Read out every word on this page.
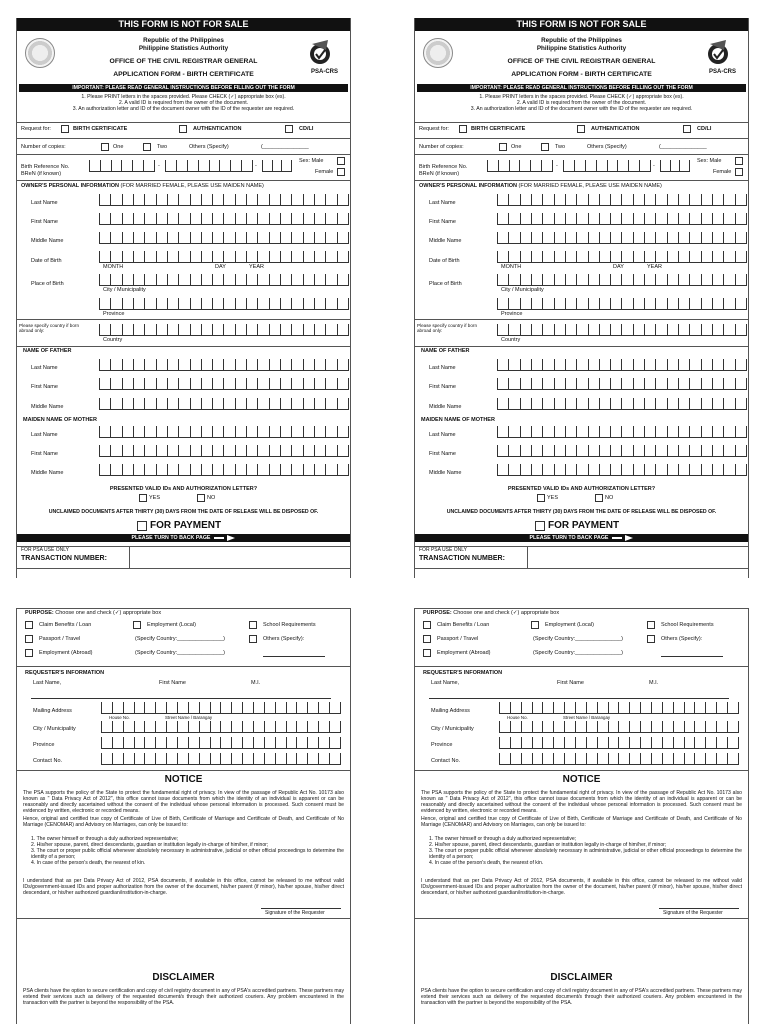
THIS FORM IS NOT FOR SALE
PSA-CRS
Republic of the Philippines
Philippine Statistics Authority
OFFICE OF THE CIVIL REGISTRAR GENERAL
APPLICATION FORM - BIRTH CERTIFICATE
IMPORTANT: PLEASE READ GENERAL INSTRUCTIONS BEFORE FILLING OUT THE FORM
1. Please PRINT letters in the spaces provided. Please CHECK (✓) appropriate box (es).
2. A valid ID is required from the owner of the document.
3. An authorization letter and ID of the document owner with the ID of the requester are required.
Request for:	BIRTH CERTIFICATE	AUTHENTICATION	CD/LI
Number of copies:	One	Two	Others (Specify)	(_______________
Birth Reference No.
BReN (if known)
-	-
Sex: Male
Female
OWNER'S PERSONAL INFORMATION (FOR MARRIED FEMALE, PLEASE USE MAIDEN NAME)
Last Name
First Name
Middle Name
Date of Birth
MONTH	DAY	YEAR
Place of Birth
City / Municipality
Province
Please specify country if born abroad only:
Country
NAME OF FATHER
Last Name
First Name
Middle Name
MAIDEN NAME OF MOTHER
Last Name
First Name
Middle Name
PRESENTED VALID IDs AND AUTHORIZATION LETTER?
YES	NO
UNCLAIMED DOCUMENTS AFTER THIRTY (30) DAYS FROM THE DATE OF RELEASE WILL BE DISPOSED OF.
FOR PAYMENT
PLEASE TURN TO BACK PAGE
FOR PSA USE ONLY
TRANSACTION NUMBER:
THIS FORM IS NOT FOR SALE
PSA-CRS
Republic of the Philippines
Philippine Statistics Authority
OFFICE OF THE CIVIL REGISTRAR GENERAL
APPLICATION FORM - BIRTH CERTIFICATE
IMPORTANT: PLEASE READ GENERAL INSTRUCTIONS BEFORE FILLING OUT THE FORM
1. Please PRINT letters in the spaces provided. Please CHECK (✓) appropriate box (es).
2. A valid ID is required from the owner of the document.
3. An authorization letter and ID of the document owner with the ID of the requester are required.
Request for:	BIRTH CERTIFICATE	AUTHENTICATION	CD/LI
Number of copies:	One	Two	Others (Specify)	(_______________
Birth Reference No.
BReN (if known)
-	-
Sex: Male
Female
OWNER'S PERSONAL INFORMATION (FOR MARRIED FEMALE, PLEASE USE MAIDEN NAME)
Last Name
First Name
Middle Name
Date of Birth
MONTH	DAY	YEAR
Place of Birth
City / Municipality
Province
Please specify country if born abroad only:
Country
NAME OF FATHER
Last Name
First Name
Middle Name
MAIDEN NAME OF MOTHER
Last Name
First Name
Middle Name
PRESENTED VALID IDs AND AUTHORIZATION LETTER?
YES	NO
UNCLAIMED DOCUMENTS AFTER THIRTY (30) DAYS FROM THE DATE OF RELEASE WILL BE DISPOSED OF.
FOR PAYMENT
PLEASE TURN TO BACK PAGE
FOR PSA USE ONLY
TRANSACTION NUMBER:
PURPOSE: Choose one and check (✓) appropriate box
Claim Benefits / Loan	Employment (Local)	School Requirements
Passport / Travel	(Specify Country:_______________)	Others (Specify):
Employment (Abroad)	(Specify Country:_______________)
REQUESTER'S INFORMATION
Last Name,	First Name	M.I.
Mailing Address
House No.	Street Name / Barangay
City / Municipality
Province
Contact No.
NOTICE
The PSA supports the policy of the State to protect the fundamental right of privacy. In view of the passage of Republic Act No. 10173 also known as " Data Privacy Act of 2012", this office cannot issue documents from which the identity of an individual is apparent or can be reasonably and directly ascertained without the consent of the individual whose personal information is processed. Such consent must be evidenced by written, electronic or recorded means.
Hence, original and certified true copy of Certificate of Live of Birth, Certificate of Marriage and Certificate of Death, and Certificate of No Marriage (CENOMAR) and Advisory on Marriages, can only be issued to:
1. The owner himself or through a duly authorized representative;
2. His/her spouse, parent, direct descendants, guardian or institution legally in-charge of him/her, if minor;
3. The court or proper public official whenever absolutely necessary in administrative, judicial or other official proceedings to determine the identity of a person;
4. In case of the person's death, the nearest of kin.
I understand that as per Data Privacy Act of 2012, PSA documents, if available in this office, cannot be released to me without valid IDs/government-issued IDs and proper authorization from the owner of the document, his/her parent (if minor), his/her spouse, his/her direct descendant, or his/her authorized guardian/institution-in-charge.
Signature of the Requester
DISCLAIMER
PSA clients have the option to secure certification and copy of civil registry document in any of PSA's accredited partners. These partners may extend their services such as delivery of the requested document/s through their authorized couriers. Any problem encountered in the transaction with the partner is beyond the responsibility of the PSA.
PURPOSE: Choose one and check (✓) appropriate box
Claim Benefits / Loan	Employment (Local)	School Requirements
Passport / Travel	(Specify Country:_______________)	Others (Specify):
Employment (Abroad)	(Specify Country:_______________)
REQUESTER'S INFORMATION
Last Name,	First Name	M.I.
Mailing Address
House No.	Street Name / Barangay
City / Municipality
Province
Contact No.
NOTICE
The PSA supports the policy of the State to protect the fundamental right of privacy. In view of the passage of Republic Act No. 10173 also known as " Data Privacy Act of 2012", this office cannot issue documents from which the identity of an individual is apparent or can be reasonably and directly ascertained without the consent of the individual whose personal information is processed. Such consent must be evidenced by written, electronic or recorded means.
Hence, original and certified true copy of Certificate of Live of Birth, Certificate of Marriage and Certificate of Death, and Certificate of No Marriage (CENOMAR) and Advisory on Marriages, can only be issued to:
1. The owner himself or through a duly authorized representative;
2. His/her spouse, parent, direct descendants, guardian or institution legally in-charge of him/her, if minor;
3. The court or proper public official whenever absolutely necessary in administrative, judicial or other official proceedings to determine the identity of a person;
4. In case of the person's death, the nearest of kin.
I understand that as per Data Privacy Act of 2012, PSA documents, if available in this office, cannot be released to me without valid IDs/government-issued IDs and proper authorization from the owner of the document, his/her parent (if minor), his/her spouse, his/her direct descendant, or his/her authorized guardian/institution-in-charge.
Signature of the Requester
DISCLAIMER
PSA clients have the option to secure certification and copy of civil registry document in any of PSA's accredited partners. These partners may extend their services such as delivery of the requested document/s through their authorized couriers. Any problem encountered in the transaction with the partner is beyond the responsibility of the PSA.
